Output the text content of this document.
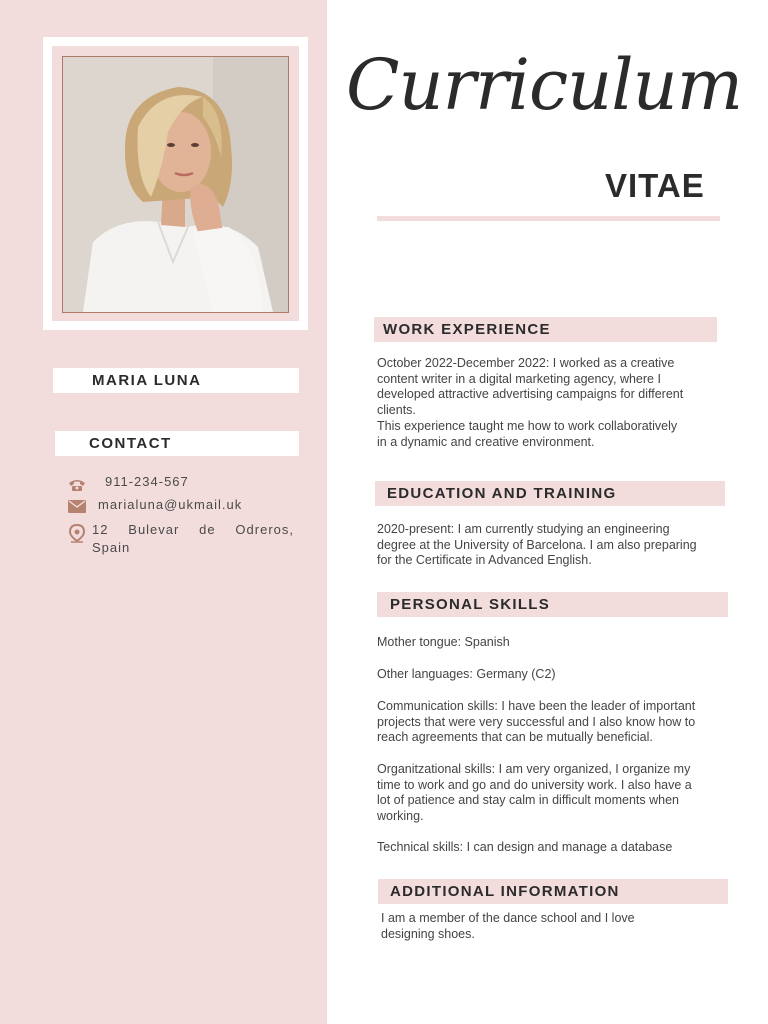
MARIA LUNA
CONTACT
911-234-567
marialuna@ukmail.uk
12 Bulevar de Odreros,
Spain
Curriculum
VITAE
WORK EXPERIENCE
October 2022-December 2022: I worked as a creative
content writer in a digital marketing agency, where I
developed attractive advertising campaigns for different
clients.
This experience taught me how to work collaboratively
in a dynamic and creative environment.
EDUCATION AND TRAINING
2020-present: I am currently studying an engineering
degree at the University of Barcelona. I am also preparing
for the Certificate in Advanced English.
PERSONAL SKILLS
Mother tongue: Spanish
Other languages: Germany (C2)
Communication skills: I have been the leader of important
projects that were very successful and I also know how to
reach agreements that can be mutually beneficial.
Organitzational skills: I am very organized, I organize my
time to work and go and do university work. I also have a
lot of patience and stay calm in difficult moments when
working.
Technical skills: I can design and manage a database
ADDITIONAL INFORMATION
I am a member of the dance school and I love
designing shoes.
